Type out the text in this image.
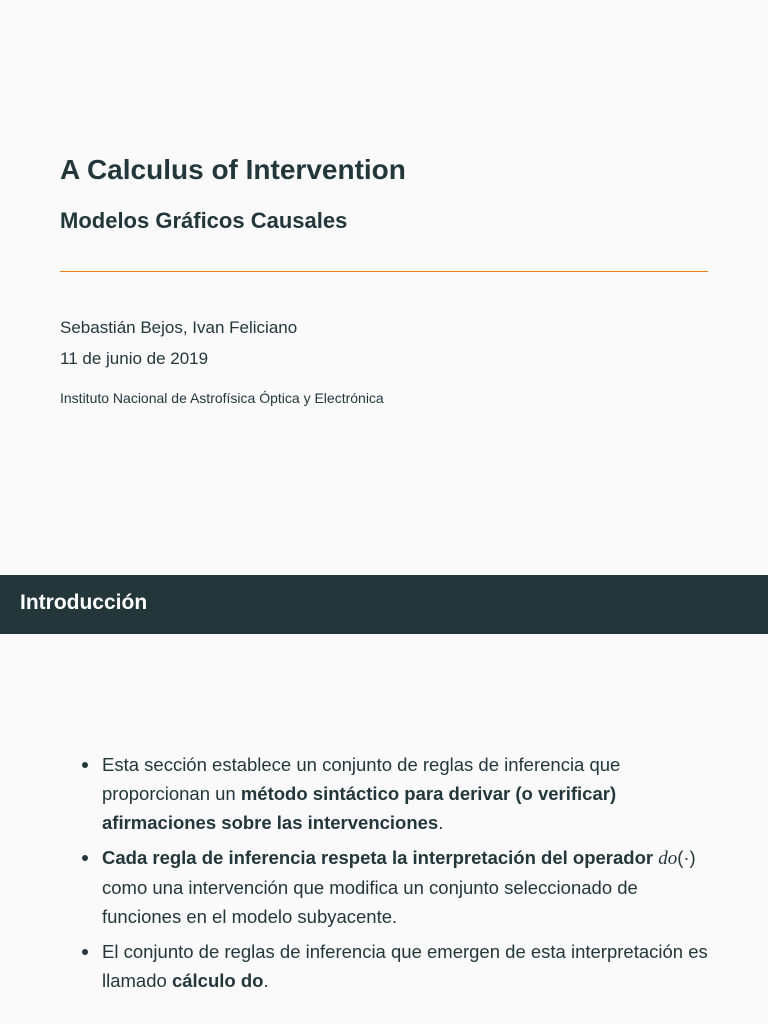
A Calculus of Intervention
Modelos Gráficos Causales
Sebastián Bejos, Ivan Feliciano
11 de junio de 2019
Instituto Nacional de Astrofísica Óptica y Electrónica
Introducción
Esta sección establece un conjunto de reglas de inferencia que proporcionan un método sintáctico para derivar (o verificar) afirmaciones sobre las intervenciones.
Cada regla de inferencia respeta la interpretación del operador do(·) como una intervención que modifica un conjunto seleccionado de funciones en el modelo subyacente.
El conjunto de reglas de inferencia que emergen de esta interpretación es llamado cálculo do.
